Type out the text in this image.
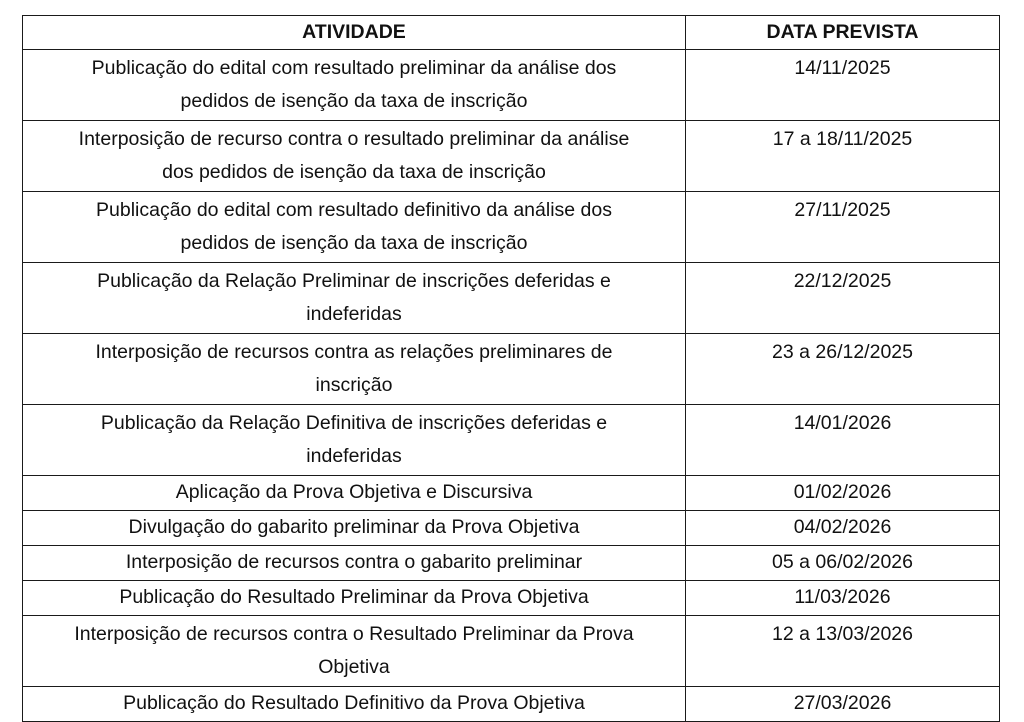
ATIVIDADE	DATA PREVISTA

Publicação do edital com resultado preliminar da análise dos
pedidos de isenção da taxa de inscrição	14/11/2025

Interposição de recurso contra o resultado preliminar da análise
dos pedidos de isenção da taxa de inscrição	17 a 18/11/2025

Publicação do edital com resultado definitivo da análise dos
pedidos de isenção da taxa de inscrição	27/11/2025

Publicação da Relação Preliminar de inscrições deferidas e
indeferidas	22/12/2025

Interposição de recursos contra as relações preliminares de
inscrição	23 a 26/12/2025

Publicação da Relação Definitiva de inscrições deferidas e
indeferidas	14/01/2026

Aplicação da Prova Objetiva e Discursiva	01/02/2026

Divulgação do gabarito preliminar da Prova Objetiva	04/02/2026

Interposição de recursos contra o gabarito preliminar	05 a 06/02/2026

Publicação do Resultado Preliminar da Prova Objetiva	11/03/2026

Interposição de recursos contra o Resultado Preliminar da Prova
Objetiva	12 a 13/03/2026

Publicação do Resultado Definitivo da Prova Objetiva	27/03/2026
